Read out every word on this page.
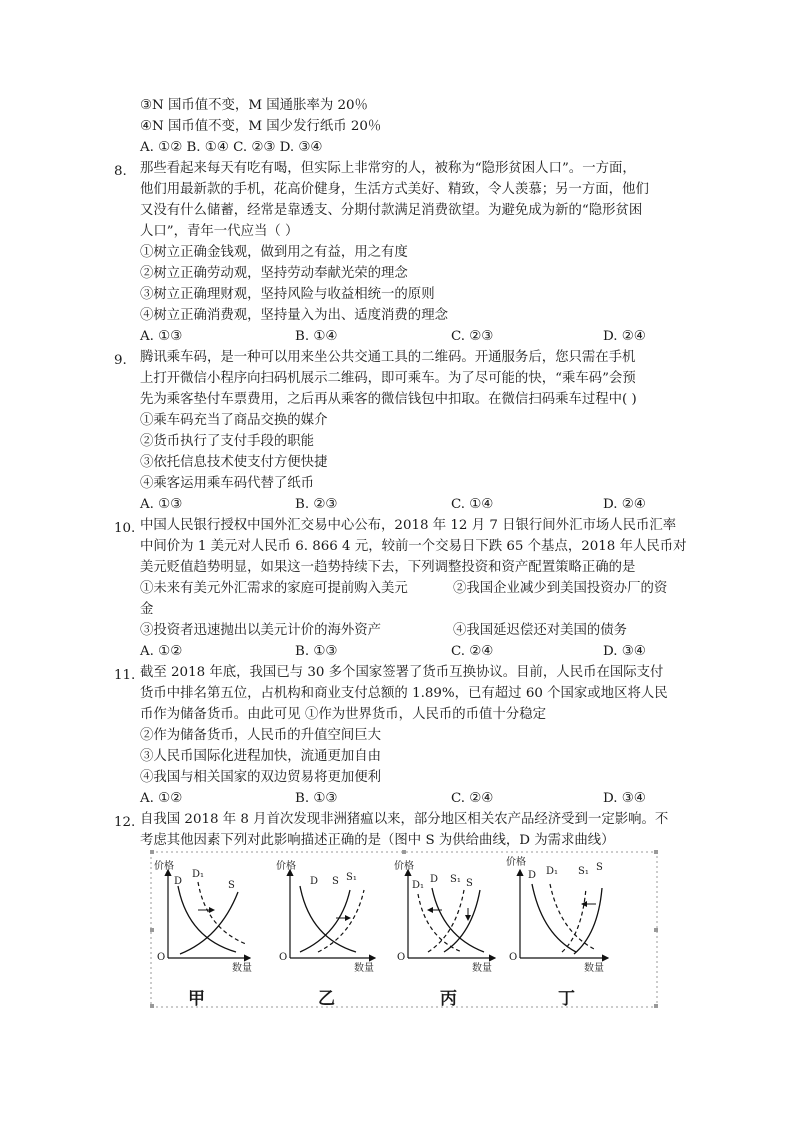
③N 国币值不变，M 国通胀率为 20％
④N 国币值不变，M 国少发行纸币 20％
A. ①② B. ①④ C. ②③ D. ③④
8. 那些看起来每天有吃有喝，但实际上非常穷的人，被称为“隐形贫困人口”。一方面，
他们用最新款的手机，花高价健身，生活方式美好、精致，令人羡慕；另一方面，他们
又没有什么储蓄，经常是靠透支、分期付款满足消费欲望。为避免成为新的“隐形贫困
人口”，青年一代应当（ ）
①树立正确金钱观，做到用之有益，用之有度
②树立正确劳动观，坚持劳动奉献光荣的理念
③树立正确理财观，坚持风险与收益相统一的原则
④树立正确消费观，坚持量入为出、适度消费的理念
A. ①③	B. ①④	C. ②③	D. ②④
9. 腾讯乘车码，是一种可以用来坐公共交通工具的二维码。开通服务后，您只需在手机
上打开微信小程序向扫码机展示二维码，即可乘车。为了尽可能的快，“乘车码”会预
先为乘客垫付车票费用，之后再从乘客的微信钱包中扣取。在微信扫码乘车过程中( )
①乘车码充当了商品交换的媒介
②货币执行了支付手段的职能
③依托信息技术使支付方便快捷
④乘客运用乘车码代替了纸币
A. ①③	B. ②③	C. ①④	D. ②④
10. 中国人民银行授权中国外汇交易中心公布，2018 年 12 月 7 日银行间外汇市场人民币汇率
中间价为 1 美元对人民币 6. 866 4 元，较前一个交易日下跌 65 个基点，2018 年人民币对
美元贬值趋势明显，如果这一趋势持续下去，下列调整投资和资产配置策略正确的是
①未来有美元外汇需求的家庭可提前购入美元	②我国企业减少到美国投资办厂的资
金
③投资者迅速抛出以美元计价的海外资产	④我国延迟偿还对美国的债务
A. ①②	B. ①③	C. ②④	D. ③④
11. 截至 2018 年底，我国已与 30 多个国家签署了货币互换协议。目前，人民币在国际支付
货币中排名第五位，占机构和商业支付总额的 1.89%，已有超过 60 个国家或地区将人民
币作为储备货币。由此可见 ①作为世界货币，人民币的币值十分稳定
②作为储备货币，人民币的升值空间巨大
③人民币国际化进程加快，流通更加自由
④我国与相关国家的双边贸易将更加便利
A. ①②	B. ①③	C. ②④	D. ③④
12. 自我国 2018 年 8 月首次发现非洲猪瘟以来，部分地区相关农产品经济受到一定影响。不
考虑其他因素下列对此影响描述正确的是（图中 S 为供给曲线，D 为需求曲线）
价格
D₁
D	S
O
数量
甲
价格
D S S₁
O
数量
乙
价格
D₁
D S₁ S
O
数量
丙
价格
D D₁ S₁ S
O
数量
丁
